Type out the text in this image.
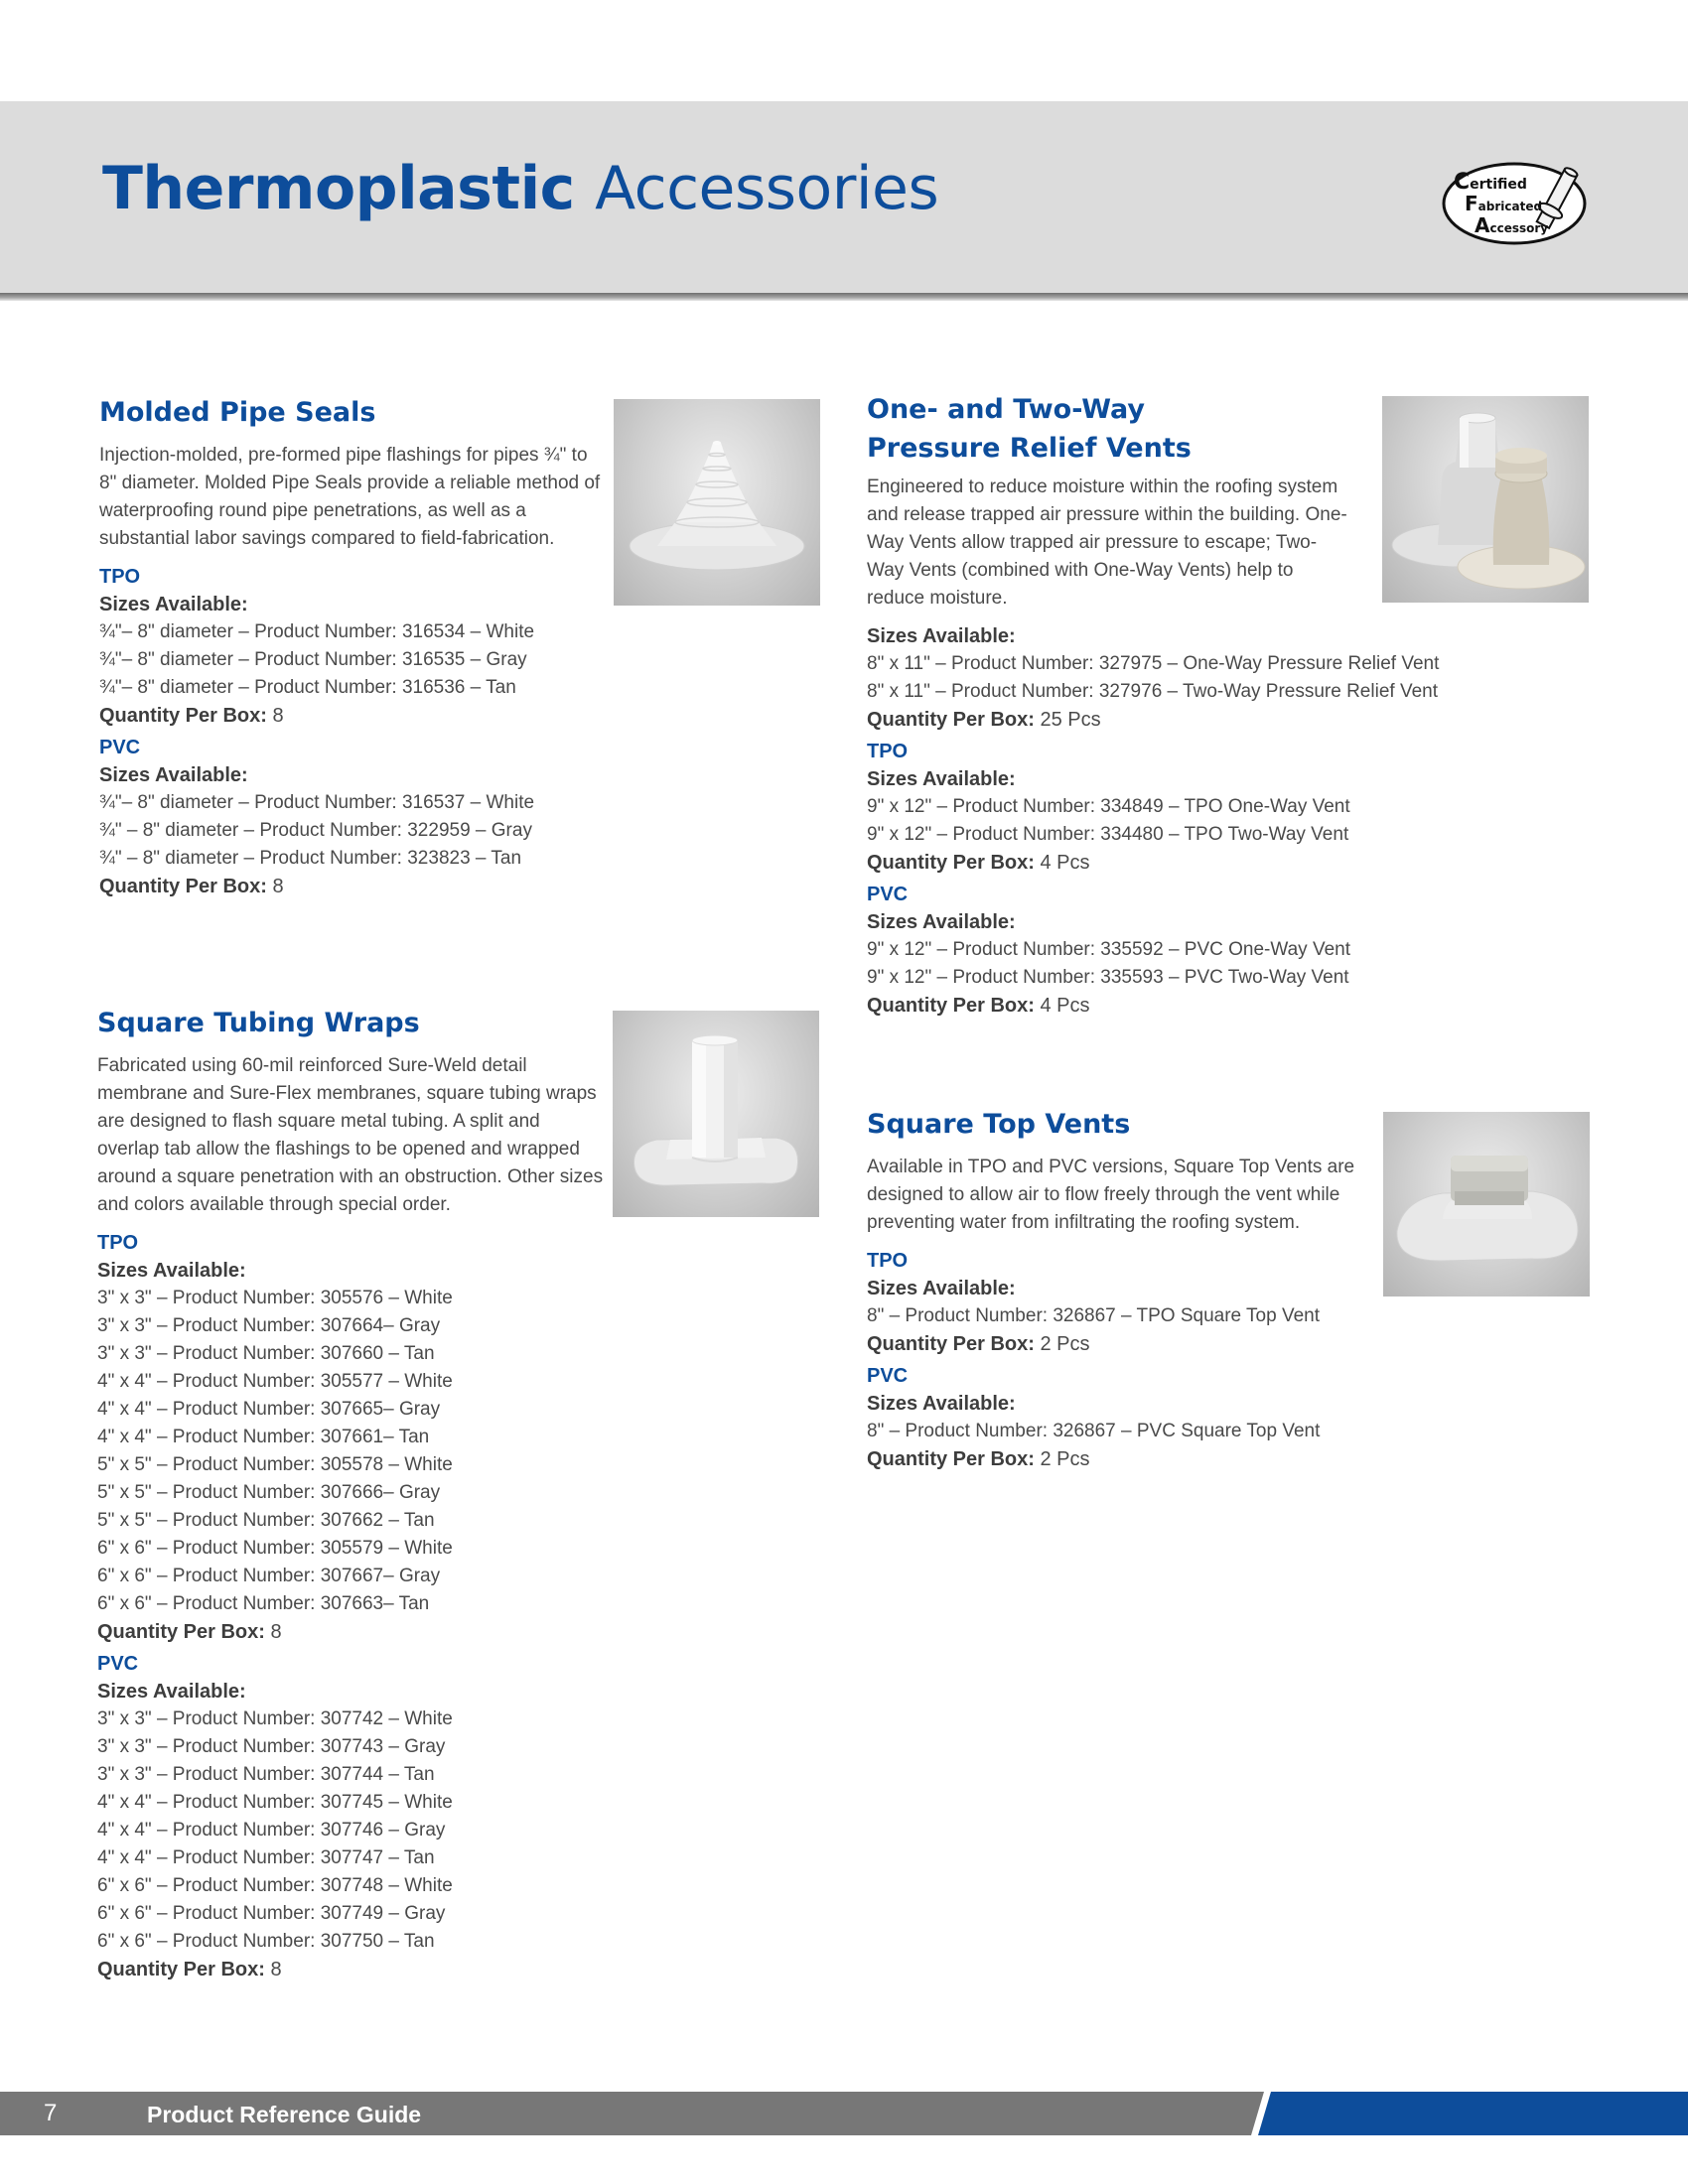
Thermoplastic Accessories	Certified
Fabricated
Accessory
Molded Pipe Seals

Injection-molded, pre-formed pipe flashings for pipes ¾" to 8" diameter. Molded Pipe Seals provide a reliable method of waterproofing round pipe penetrations, as well as a substantial labor savings compared to field-fabrication.

TPO
Sizes Available:
¾"– 8" diameter – Product Number: 316534 – White
¾"– 8" diameter – Product Number: 316535 – Gray
¾"– 8" diameter – Product Number: 316536 – Tan
Quantity Per Box: 8
PVC
Sizes Available:
¾"– 8" diameter – Product Number: 316537 – White
¾" – 8" diameter – Product Number: 322959 – Gray
¾" – 8" diameter – Product Number: 323823 – Tan
Quantity Per Box: 8
Square Tubing Wraps

Fabricated using 60-mil reinforced Sure-Weld detail membrane and Sure-Flex membranes, square tubing wraps are designed to flash square metal tubing. A split and overlap tab allow the flashings to be opened and wrapped around a square penetration with an obstruction. Other sizes and colors available through special order.

TPO
Sizes Available:
3" x 3" – Product Number: 305576 – White
3" x 3" – Product Number: 307664– Gray
3" x 3" – Product Number: 307660 – Tan
4" x 4" – Product Number: 305577 – White
4" x 4" – Product Number: 307665– Gray
4" x 4" – Product Number: 307661– Tan
5" x 5" – Product Number: 305578 – White
5" x 5" – Product Number: 307666– Gray
5" x 5" – Product Number: 307662 – Tan
6" x 6" – Product Number: 305579 – White
6" x 6" – Product Number: 307667– Gray
6" x 6" – Product Number: 307663– Tan
Quantity Per Box: 8
PVC
Sizes Available:
3" x 3" – Product Number: 307742 – White
3" x 3" – Product Number: 307743 – Gray
3" x 3" – Product Number: 307744 – Tan
4" x 4" – Product Number: 307745 – White
4" x 4" – Product Number: 307746 – Gray
4" x 4" – Product Number: 307747 – Tan
6" x 6" – Product Number: 307748 – White
6" x 6" – Product Number: 307749 – Gray
6" x 6" – Product Number: 307750 – Tan
Quantity Per Box: 8
One- and Two-Way
Pressure Relief Vents

Engineered to reduce moisture within the roofing system and release trapped air pressure within the building. One-Way Vents allow trapped air pressure to escape; Two-Way Vents (combined with One-Way Vents) help to reduce moisture.

Sizes Available:
8" x 11" – Product Number: 327975 – One-Way Pressure Relief Vent
8" x 11" – Product Number: 327976 – Two-Way Pressure Relief Vent
Quantity Per Box: 25 Pcs
TPO
Sizes Available:
9" x 12" – Product Number: 334849 – TPO One-Way Vent
9" x 12" – Product Number: 334480 – TPO Two-Way Vent
Quantity Per Box: 4 Pcs
PVC
Sizes Available:
9" x 12" – Product Number: 335592 – PVC One-Way Vent
9" x 12" – Product Number: 335593 – PVC Two-Way Vent
Quantity Per Box: 4 Pcs
Square Top Vents

Available in TPO and PVC versions, Square Top Vents are designed to allow air to flow freely through the vent while preventing water from infiltrating the roofing system.

TPO
Sizes Available:
8" – Product Number: 326867 – TPO Square Top Vent
Quantity Per Box: 2 Pcs
PVC
Sizes Available:
8" – Product Number: 326867 – PVC Square Top Vent
Quantity Per Box: 2 Pcs
7	Product Reference Guide
